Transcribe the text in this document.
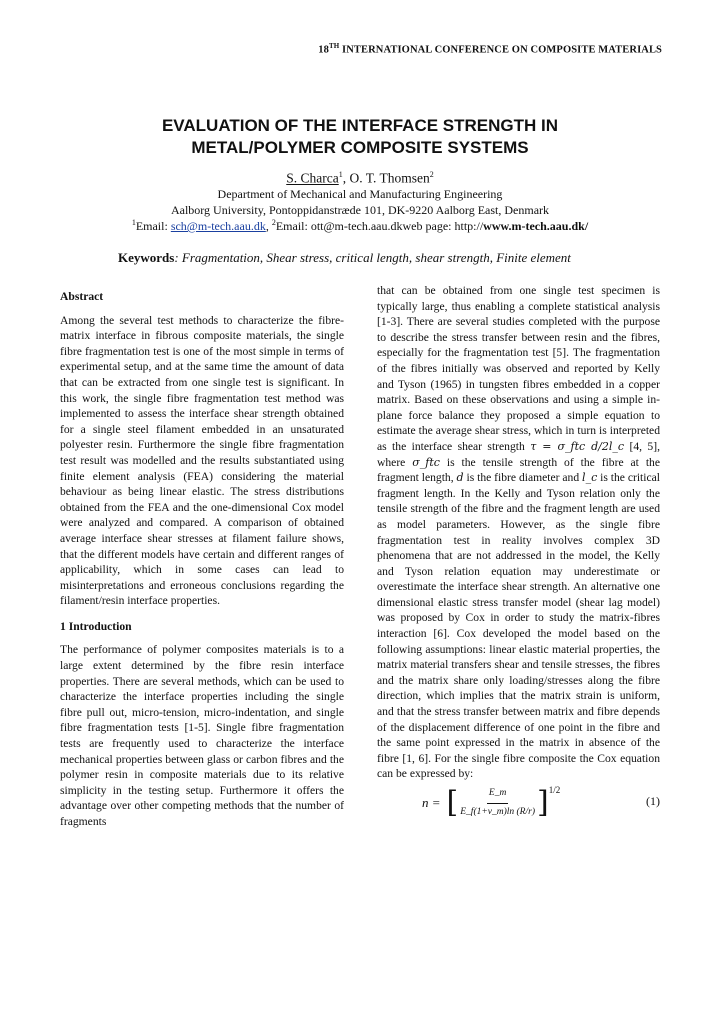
18TH INTERNATIONAL CONFERENCE ON COMPOSITE MATERIALS
EVALUATION OF THE INTERFACE STRENGTH IN
METAL/POLYMER COMPOSITE SYSTEMS
S. Charca$^1$, O. T. Thomsen$^2$
Department of Mechanical and Manufacturing Engineering
Aalborg University, Pontoppidanstræde 101, DK-9220 Aalborg East, Denmark
$^1$Email: sch@m-tech.aau.dk, $^2$Email: ott@m-tech.aau.dkweb page: http://www.m-tech.aau.dk/
Keywords: Fragmentation, Shear stress, critical length, shear strength, Finite element

Abstract

Among the several test methods to characterize the fibre-matrix interface in fibrous composite materials, the single fibre fragmentation test is one of the most simple in terms of experimental setup, and at the same time the amount of data that can be extracted from one single test is significant. In this work, the single fibre fragmentation test method was implemented to assess the interface shear strength obtained for a single steel filament embedded in an unsaturated polyester resin. Furthermore the single fibre fragmentation test result was modelled and the results substantiated using finite element analysis (FEA) considering the material behaviour as being linear elastic. The stress distributions obtained from the FEA and the one-dimensional Cox model were analyzed and compared. A comparison of obtained average interface shear stresses at filament failure shows, that the different models have certain and different ranges of applicability, which in some cases can lead to misinterpretations and erroneous conclusions regarding the filament/resin interface properties.

1 Introduction

The performance of polymer composites materials is to a large extent determined by the fibre resin interface properties. There are several methods, which can be used to characterize the interface properties including the single fibre pull out, micro-tension, micro-indentation, and single fibre fragmentation tests [1-5]. Single fibre fragmentation tests are frequently used to characterize the interface mechanical properties between glass or carbon fibres and the polymer resin in composite materials due to its relative simplicity in the testing setup. Furthermore it offers the advantage over other competing methods that the number of fragments

that can be obtained from one single test specimen is typically large, thus enabling a complete statistical analysis [1-3]. There are several studies completed with the purpose to describe the stress transfer between resin and the fibres, especially for the fragmentation test [5]. The fragmentation of the fibres initially was observed and reported by Kelly and Tyson (1965) in tungsten fibres embedded in a copper matrix. Based on these observations and using a simple in-plane force balance they proposed a simple equation to estimate the average shear stress, which in turn is interpreted as the interface shear strength τ = σ_ftc d/2l_c [4, 5], where σ_ftc is the tensile strength of the fibre at the fragment length, d is the fibre diameter and l_c is the critical fragment length. In the Kelly and Tyson relation only the tensile strength of the fibre and the fragment length are used as model parameters. However, as the single fibre fragmentation test in reality involves complex 3D phenomena that are not addressed in the model, the Kelly and Tyson relation equation may underestimate or overestimate the interface shear strength. An alternative one dimensional elastic stress transfer model (shear lag model) was proposed by Cox in order to study the matrix-fibres interaction [6]. Cox developed the model based on the following assumptions: linear elastic material properties, the matrix material transfers shear and tensile stresses, the fibres and the matrix share only loading/stresses along the fibre direction, which implies that the matrix strain is uniform, and that the stress transfer between matrix and fibre depends of the displacement difference of one point in the fibre and the same point expressed in the matrix in absence of the fibre [1, 6]. For the single fibre composite the Cox equation can be expressed by:

n = [ $\frac{E\_m}{E\_f(1+\nu\_m)\ln (R/r)}$ ] 1/2
(1)
